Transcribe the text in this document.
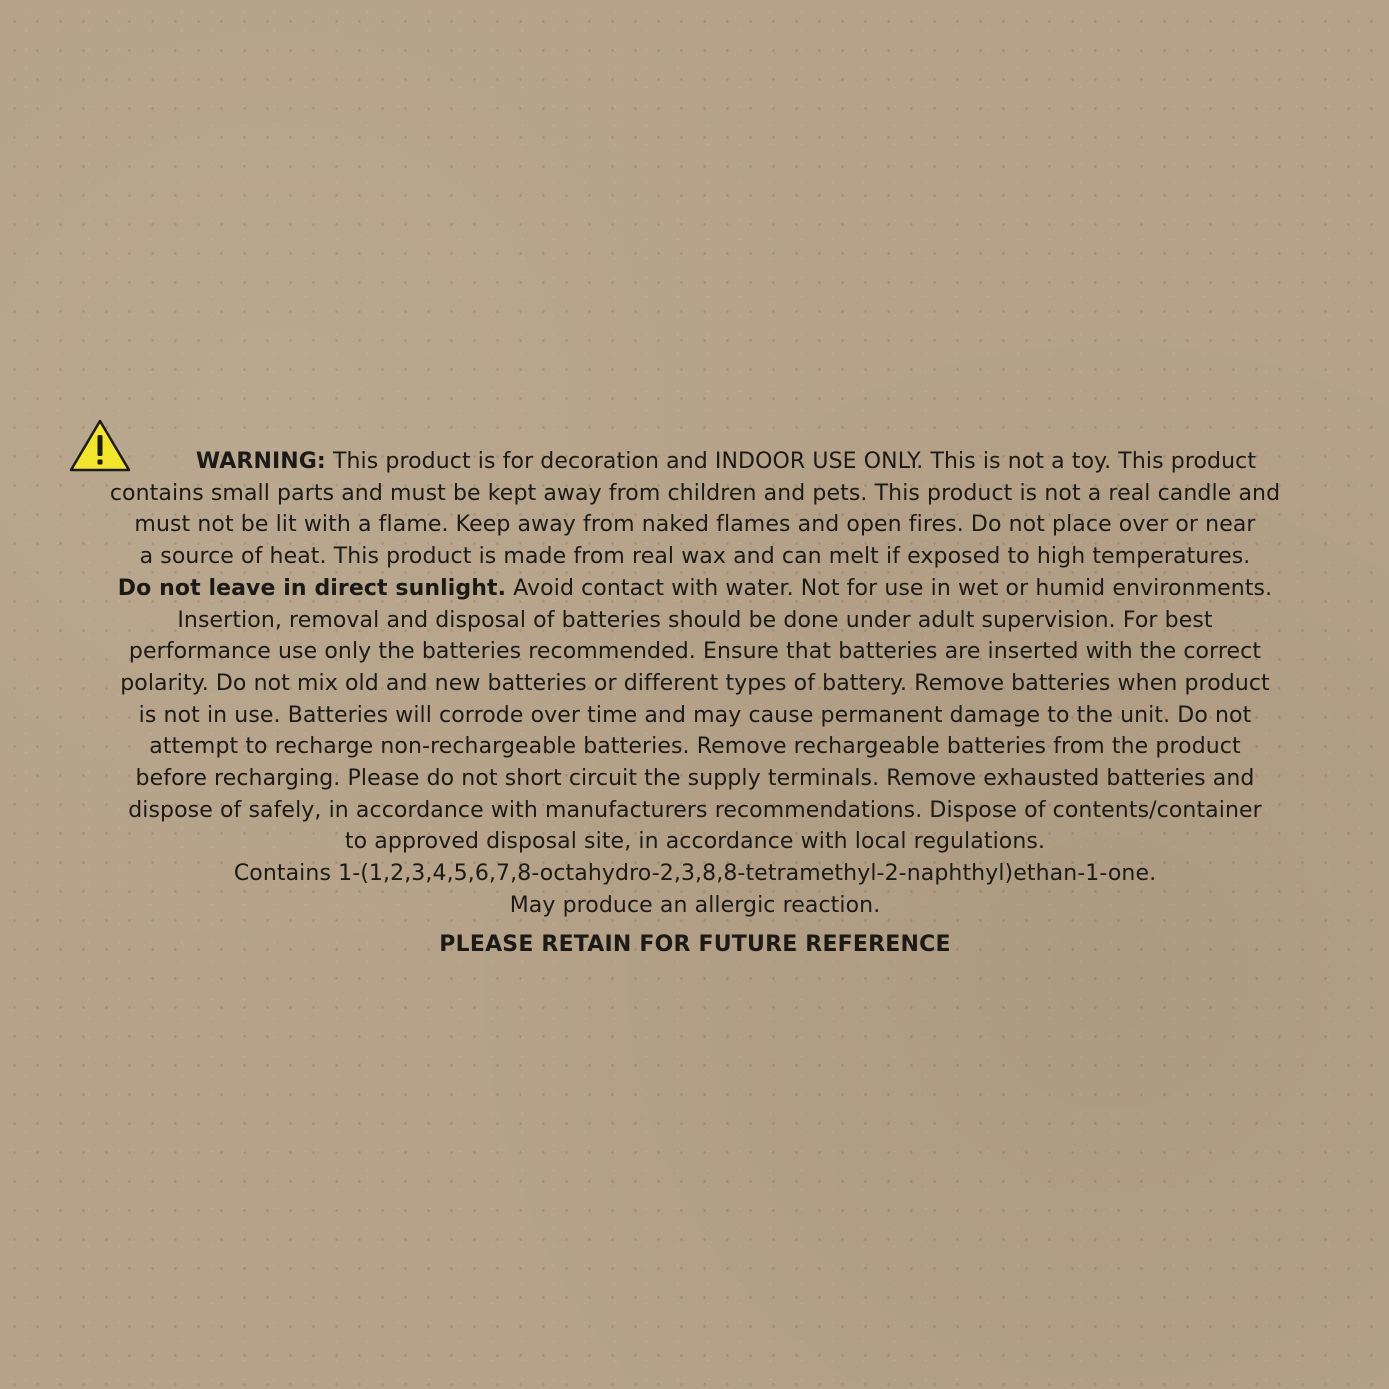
WARNING: This product is for decoration and INDOOR USE ONLY. This is not a toy. This product
contains small parts and must be kept away from children and pets. This product is not a real candle and
must not be lit with a flame. Keep away from naked flames and open fires. Do not place over or near
a source of heat. This product is made from real wax and can melt if exposed to high temperatures.
Do not leave in direct sunlight. Avoid contact with water. Not for use in wet or humid environments.
Insertion, removal and disposal of batteries should be done under adult supervision. For best
performance use only the batteries recommended. Ensure that batteries are inserted with the correct
polarity. Do not mix old and new batteries or different types of battery. Remove batteries when product
is not in use. Batteries will corrode over time and may cause permanent damage to the unit. Do not
attempt to recharge non-rechargeable batteries. Remove rechargeable batteries from the product
before recharging. Please do not short circuit the supply terminals. Remove exhausted batteries and
dispose of safely, in accordance with manufacturers recommendations. Dispose of contents/container
to approved disposal site, in accordance with local regulations.
Contains 1-(1,2,3,4,5,6,7,8-octahydro-2,3,8,8-tetramethyl-2-naphthyl)ethan-1-one.
May produce an allergic reaction.
PLEASE RETAIN FOR FUTURE REFERENCE
